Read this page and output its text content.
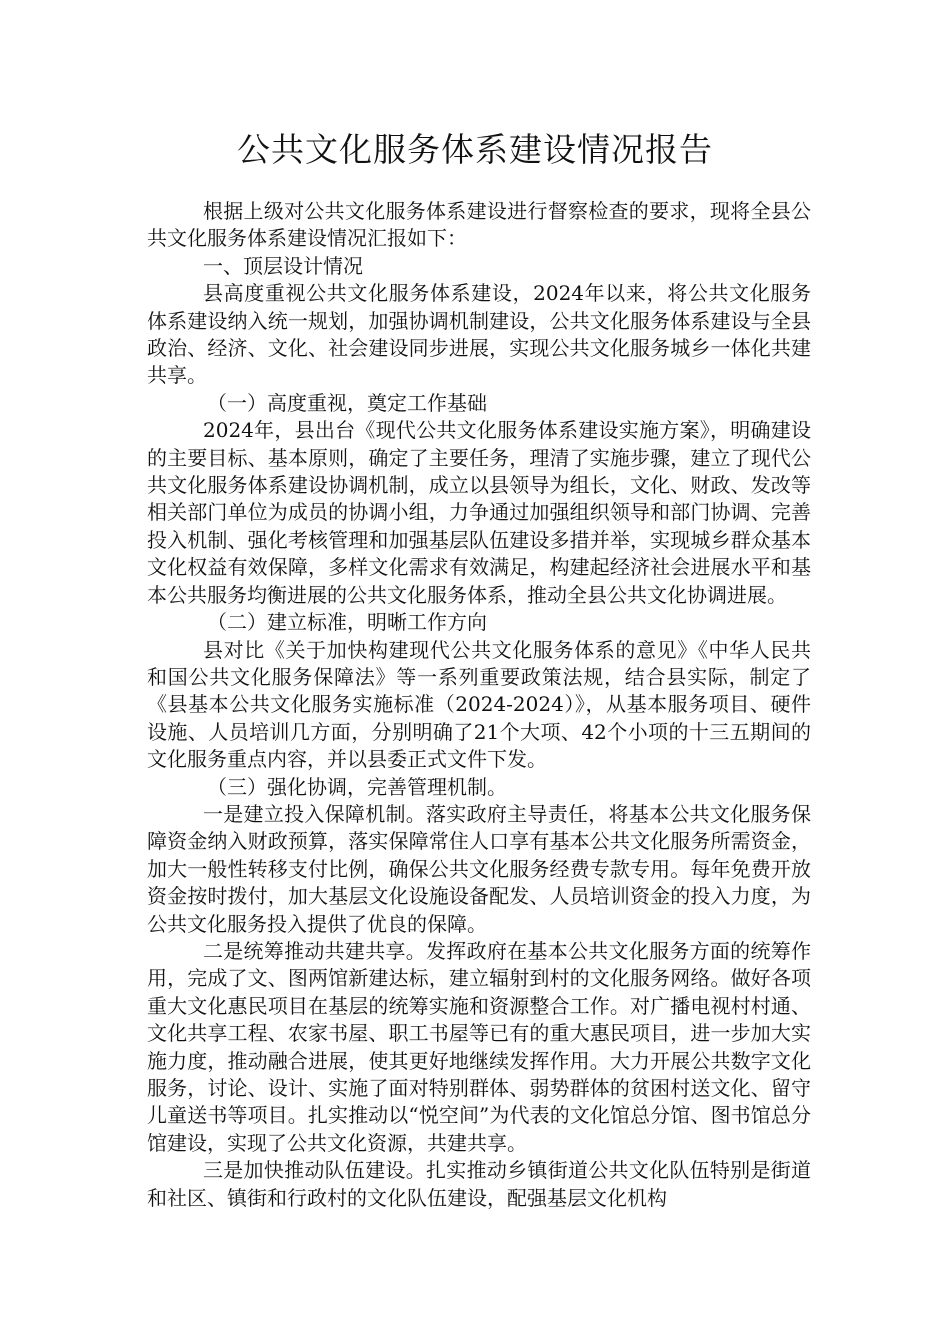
公共文化服务体系建设情况报告

根据上级对公共文化服务体系建设进行督察检查的要求，现将全县公共文化服务体系建设情况汇报如下：

一、顶层设计情况

县高度重视公共文化服务体系建设，2024年以来，将公共文化服务体系建设纳入统一规划，加强协调机制建设，公共文化服务体系建设与全县政治、经济、文化、社会建设同步进展，实现公共文化服务城乡一体化共建共享。

（一）高度重视，奠定工作基础

2024年，县出台《现代公共文化服务体系建设实施方案》，明确建设的主要目标、基本原则，确定了主要任务，理清了实施步骤，建立了现代公共文化服务体系建设协调机制，成立以县领导为组长，文化、财政、发改等相关部门单位为成员的协调小组，力争通过加强组织领导和部门协调、完善投入机制、强化考核管理和加强基层队伍建设多措并举，实现城乡群众基本文化权益有效保障，多样文化需求有效满足，构建起经济社会进展水平和基本公共服务均衡进展的公共文化服务体系，推动全县公共文化协调进展。

（二）建立标准，明晰工作方向

县对比《关于加快构建现代公共文化服务体系的意见》《中华人民共和国公共文化服务保障法》等一系列重要政策法规，结合县实际，制定了《县基本公共文化服务实施标准（2024-2024）》，从基本服务项目、硬件设施、人员培训几方面，分别明确了21个大项、42个小项的十三五期间的文化服务重点内容，并以县委正式文件下发。

（三）强化协调，完善管理机制。

一是建立投入保障机制。落实政府主导责任，将基本公共文化服务保障资金纳入财政预算，落实保障常住人口享有基本公共文化服务所需资金，加大一般性转移支付比例，确保公共文化服务经费专款专用。每年免费开放资金按时拨付，加大基层文化设施设备配发、人员培训资金的投入力度，为公共文化服务投入提供了优良的保障。

二是统筹推动共建共享。发挥政府在基本公共文化服务方面的统筹作用，完成了文、图两馆新建达标，建立辐射到村的文化服务网络。做好各项重大文化惠民项目在基层的统筹实施和资源整合工作。对广播电视村村通、文化共享工程、农家书屋、职工书屋等已有的重大惠民项目，进一步加大实施力度，推动融合进展，使其更好地继续发挥作用。大力开展公共数字文化服务，讨论、设计、实施了面对特别群体、弱势群体的贫困村送文化、留守儿童送书等项目。扎实推动以“悦空间”为代表的文化馆总分馆、图书馆总分馆建设，实现了公共文化资源，共建共享。

三是加快推动队伍建设。扎实推动乡镇街道公共文化队伍特别是街道和社区、镇街和行政村的文化队伍建设，配强基层文化机构
